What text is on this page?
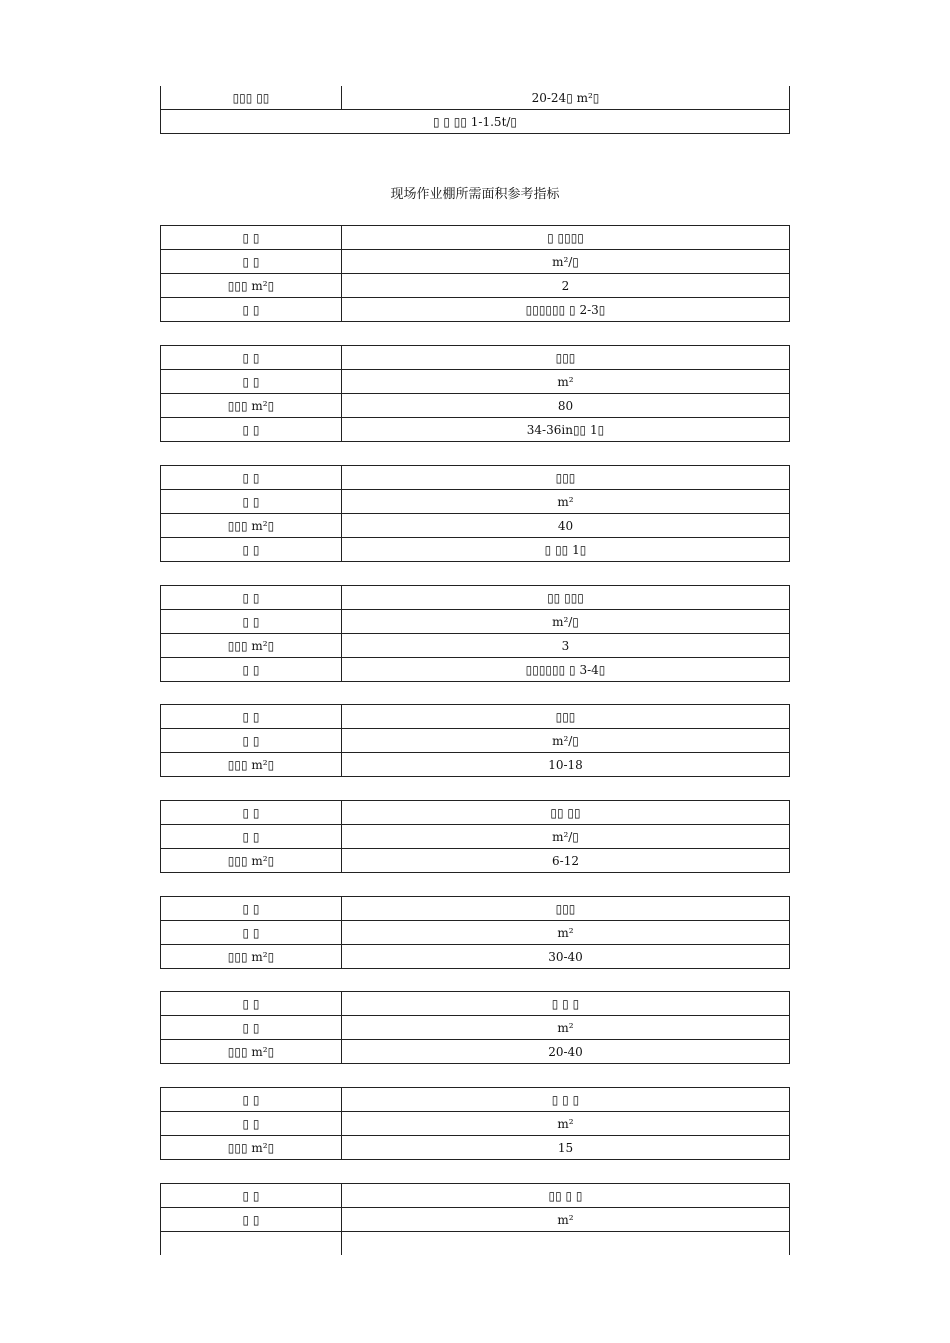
▯▯▯ ▯▯	20-24▯ m²▯
▯ ▯ ▯▯ 1-1.5t/▯
现场作业棚所需面积参考指标
▯ ▯	▯ ▯▯▯▯
▯ ▯	m²/▯
▯▯▯ m²▯	2
▯ ▯	▯▯▯▯▯▯ ▯ 2-3▯
▯ ▯	▯▯▯
▯ ▯	m²
▯▯▯ m²▯	80
▯ ▯	34-36in▯▯ 1▯
▯ ▯	▯▯▯
▯ ▯	m²
▯▯▯ m²▯	40
▯ ▯	▯ ▯▯ 1▯
▯ ▯	▯▯ ▯▯▯
▯ ▯	m²/▯
▯▯▯ m²▯	3
▯ ▯	▯▯▯▯▯▯ ▯ 3-4▯
▯ ▯	▯▯▯
▯ ▯	m²/▯
▯▯▯ m²▯	10-18
▯ ▯	▯▯ ▯▯
▯ ▯	m²/▯
▯▯▯ m²▯	6-12
▯ ▯	▯▯▯
▯ ▯	m²
▯▯▯ m²▯	30-40
▯ ▯	▯ ▯ ▯
▯ ▯	m²
▯▯▯ m²▯	20-40
▯ ▯	▯ ▯ ▯
▯ ▯	m²
▯▯▯ m²▯	15
▯ ▯	▯▯ ▯ ▯
▯ ▯	m²
